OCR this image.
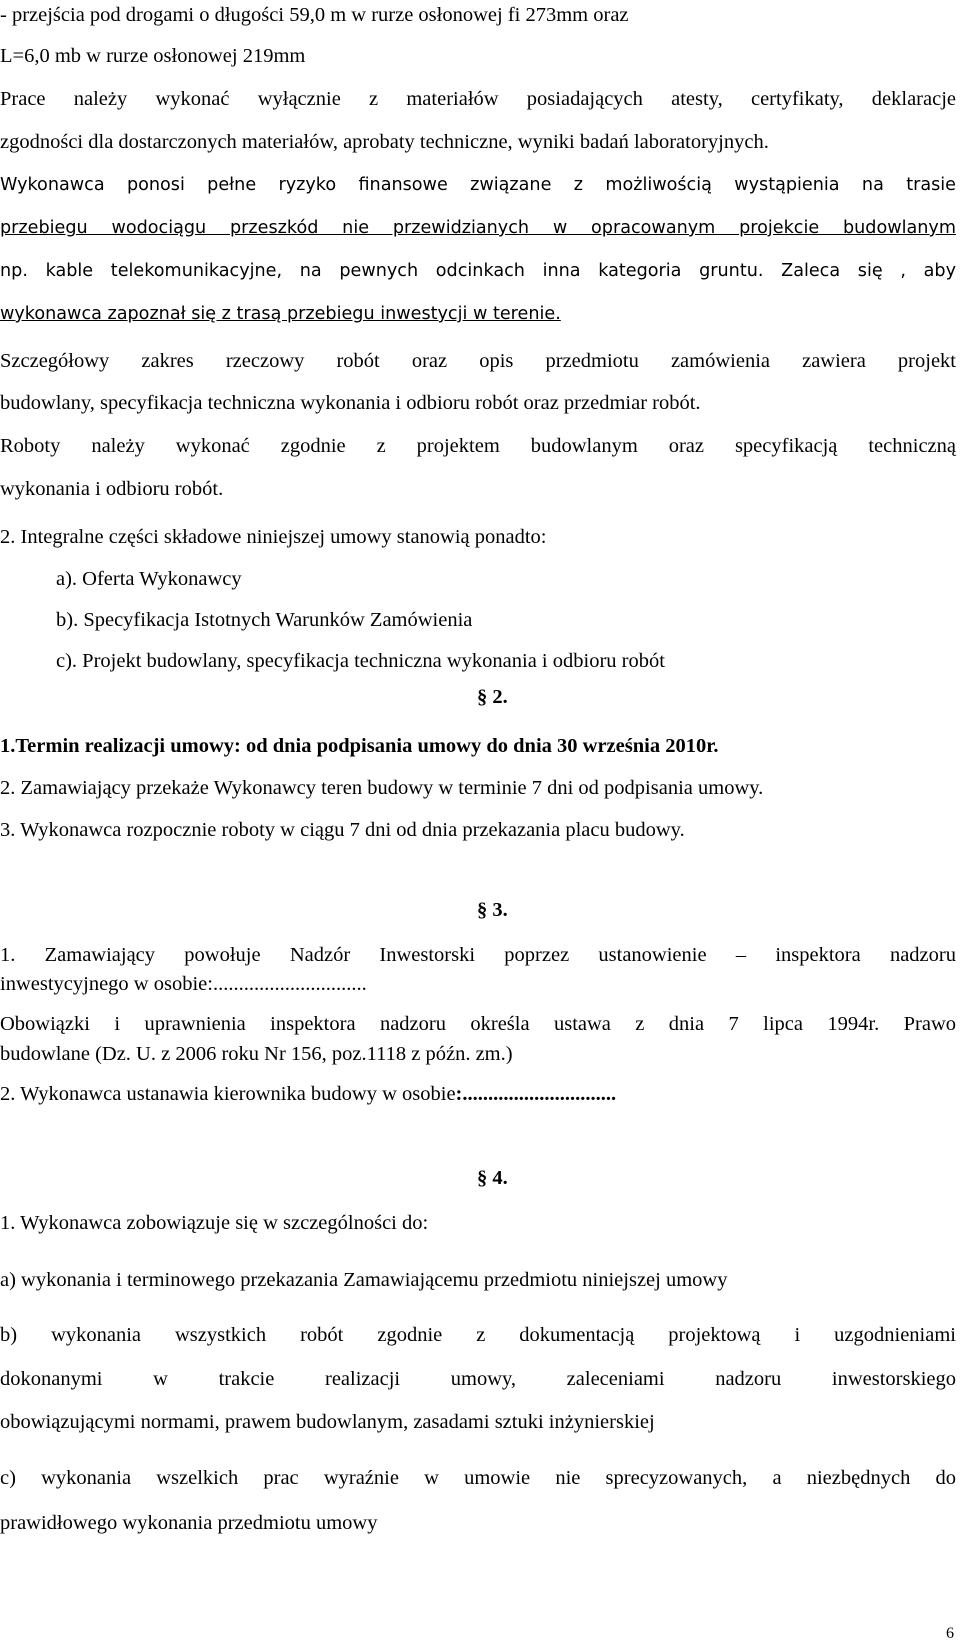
- przejścia pod drogami o długości 59,0 m w rurze osłonowej fi 273mm oraz

L=6,0 mb w rurze osłonowej 219mm

Prace należy wykonać wyłącznie z materiałów posiadających atesty, certyfikaty, deklaracje

zgodności dla dostarczonych materiałów, aprobaty techniczne, wyniki badań laboratoryjnych.

Wykonawca ponosi pełne ryzyko finansowe związane z możliwością wystąpienia na trasie

przebiegu wodociągu przeszkód nie przewidzianych w opracowanym projekcie budowlanym

np. kable telekomunikacyjne, na pewnych odcinkach inna kategoria gruntu. Zaleca się , aby

wykonawca zapoznał się z trasą przebiegu inwestycji w terenie.

Szczegółowy zakres rzeczowy robót oraz opis przedmiotu zamówienia zawiera projekt

budowlany, specyfikacja techniczna wykonania i odbioru robót oraz przedmiar robót.

Roboty należy wykonać zgodnie z projektem budowlanym oraz specyfikacją techniczną

wykonania i odbioru robót.

2. Integralne części składowe niniejszej umowy stanowią ponadto:

a). Oferta Wykonawcy

b). Specyfikacja Istotnych Warunków Zamówienia

c). Projekt budowlany, specyfikacja techniczna wykonania i odbioru robót

§ 2.

1.Termin realizacji umowy: od dnia podpisania umowy do dnia 30 września 2010r.

2. Zamawiający przekaże Wykonawcy teren budowy w terminie 7 dni od podpisania umowy.

3. Wykonawca rozpocznie roboty w ciągu 7 dni od dnia przekazania placu budowy.

§ 3.

1. Zamawiający powołuje Nadzór Inwestorski poprzez ustanowienie – inspektora nadzoru

inwestycyjnego w osobie:..............................

Obowiązki i uprawnienia inspektora nadzoru określa ustawa z dnia 7 lipca 1994r. Prawo

budowlane (Dz. U. z 2006 roku Nr 156, poz.1118 z późn. zm.)

2. Wykonawca ustanawia kierownika budowy w osobie:..............................

§ 4.

1. Wykonawca zobowiązuje się w szczególności do:

a) wykonania i terminowego przekazania Zamawiającemu przedmiotu niniejszej umowy

b) wykonania wszystkich robót zgodnie z dokumentacją projektową i uzgodnieniami

dokonanymi w trakcie realizacji umowy, zaleceniami nadzoru inwestorskiego

obowiązującymi normami, prawem budowlanym, zasadami sztuki inżynierskiej

c) wykonania wszelkich prac wyraźnie w umowie nie sprecyzowanych, a niezbędnych do

prawidłowego wykonania przedmiotu umowy

6
